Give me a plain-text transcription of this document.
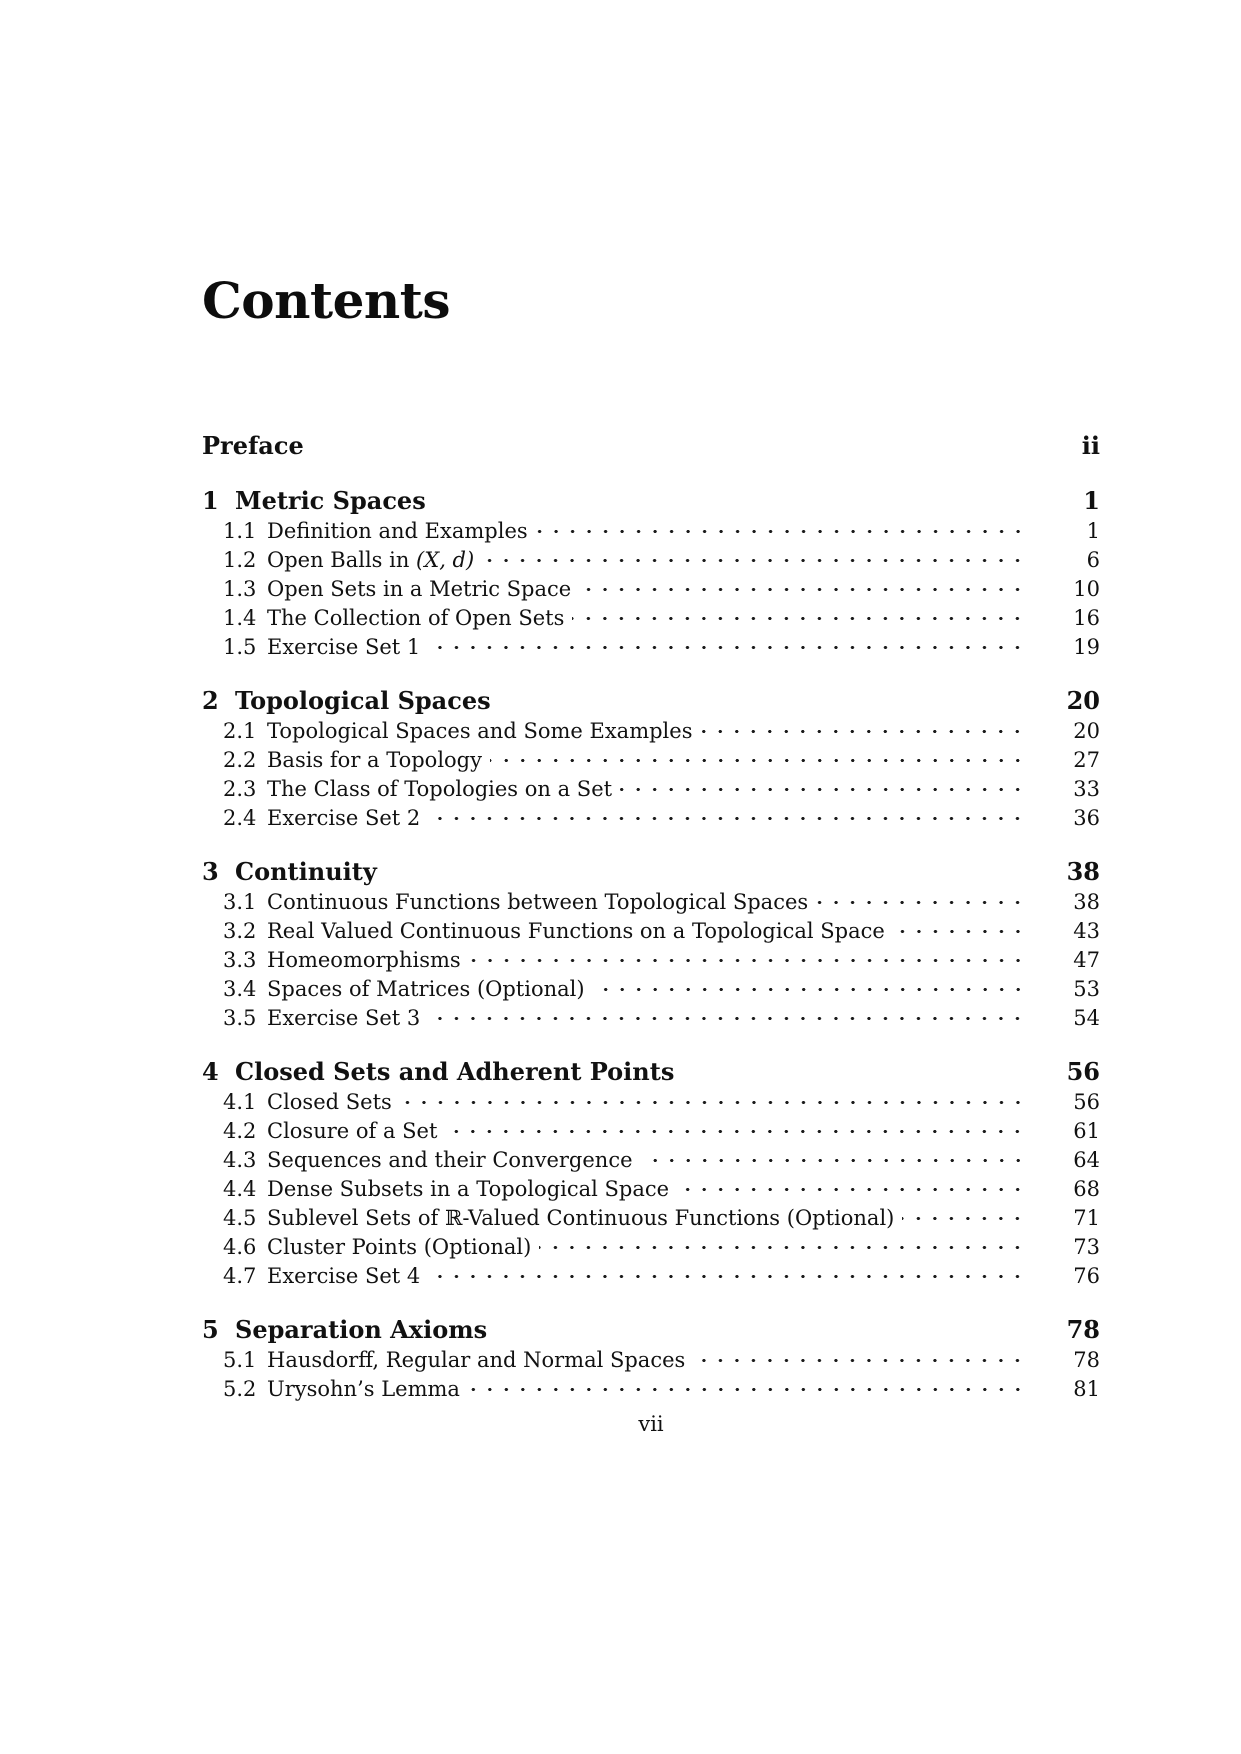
Contents
Preface	ii
1 Metric Spaces	1
1.1 Definition and Examples	1
1.2 Open Balls in (X, d)	6
1.3 Open Sets in a Metric Space	10
1.4 The Collection of Open Sets	16
1.5 Exercise Set 1	19
2 Topological Spaces	20
2.1 Topological Spaces and Some Examples	20
2.2 Basis for a Topology	27
2.3 The Class of Topologies on a Set	33
2.4 Exercise Set 2	36
3 Continuity	38
3.1 Continuous Functions between Topological Spaces	38
3.2 Real Valued Continuous Functions on a Topological Space	43
3.3 Homeomorphisms	47
3.4 Spaces of Matrices (Optional)	53
3.5 Exercise Set 3	54
4 Closed Sets and Adherent Points	56
4.1 Closed Sets	56
4.2 Closure of a Set	61
4.3 Sequences and their Convergence	64
4.4 Dense Subsets in a Topological Space	68
4.5 Sublevel Sets of ℝ-Valued Continuous Functions (Optional)	71
4.6 Cluster Points (Optional)	73
4.7 Exercise Set 4	76
5 Separation Axioms	78
5.1 Hausdorff, Regular and Normal Spaces	78
5.2 Urysohn’s Lemma	81
vii
